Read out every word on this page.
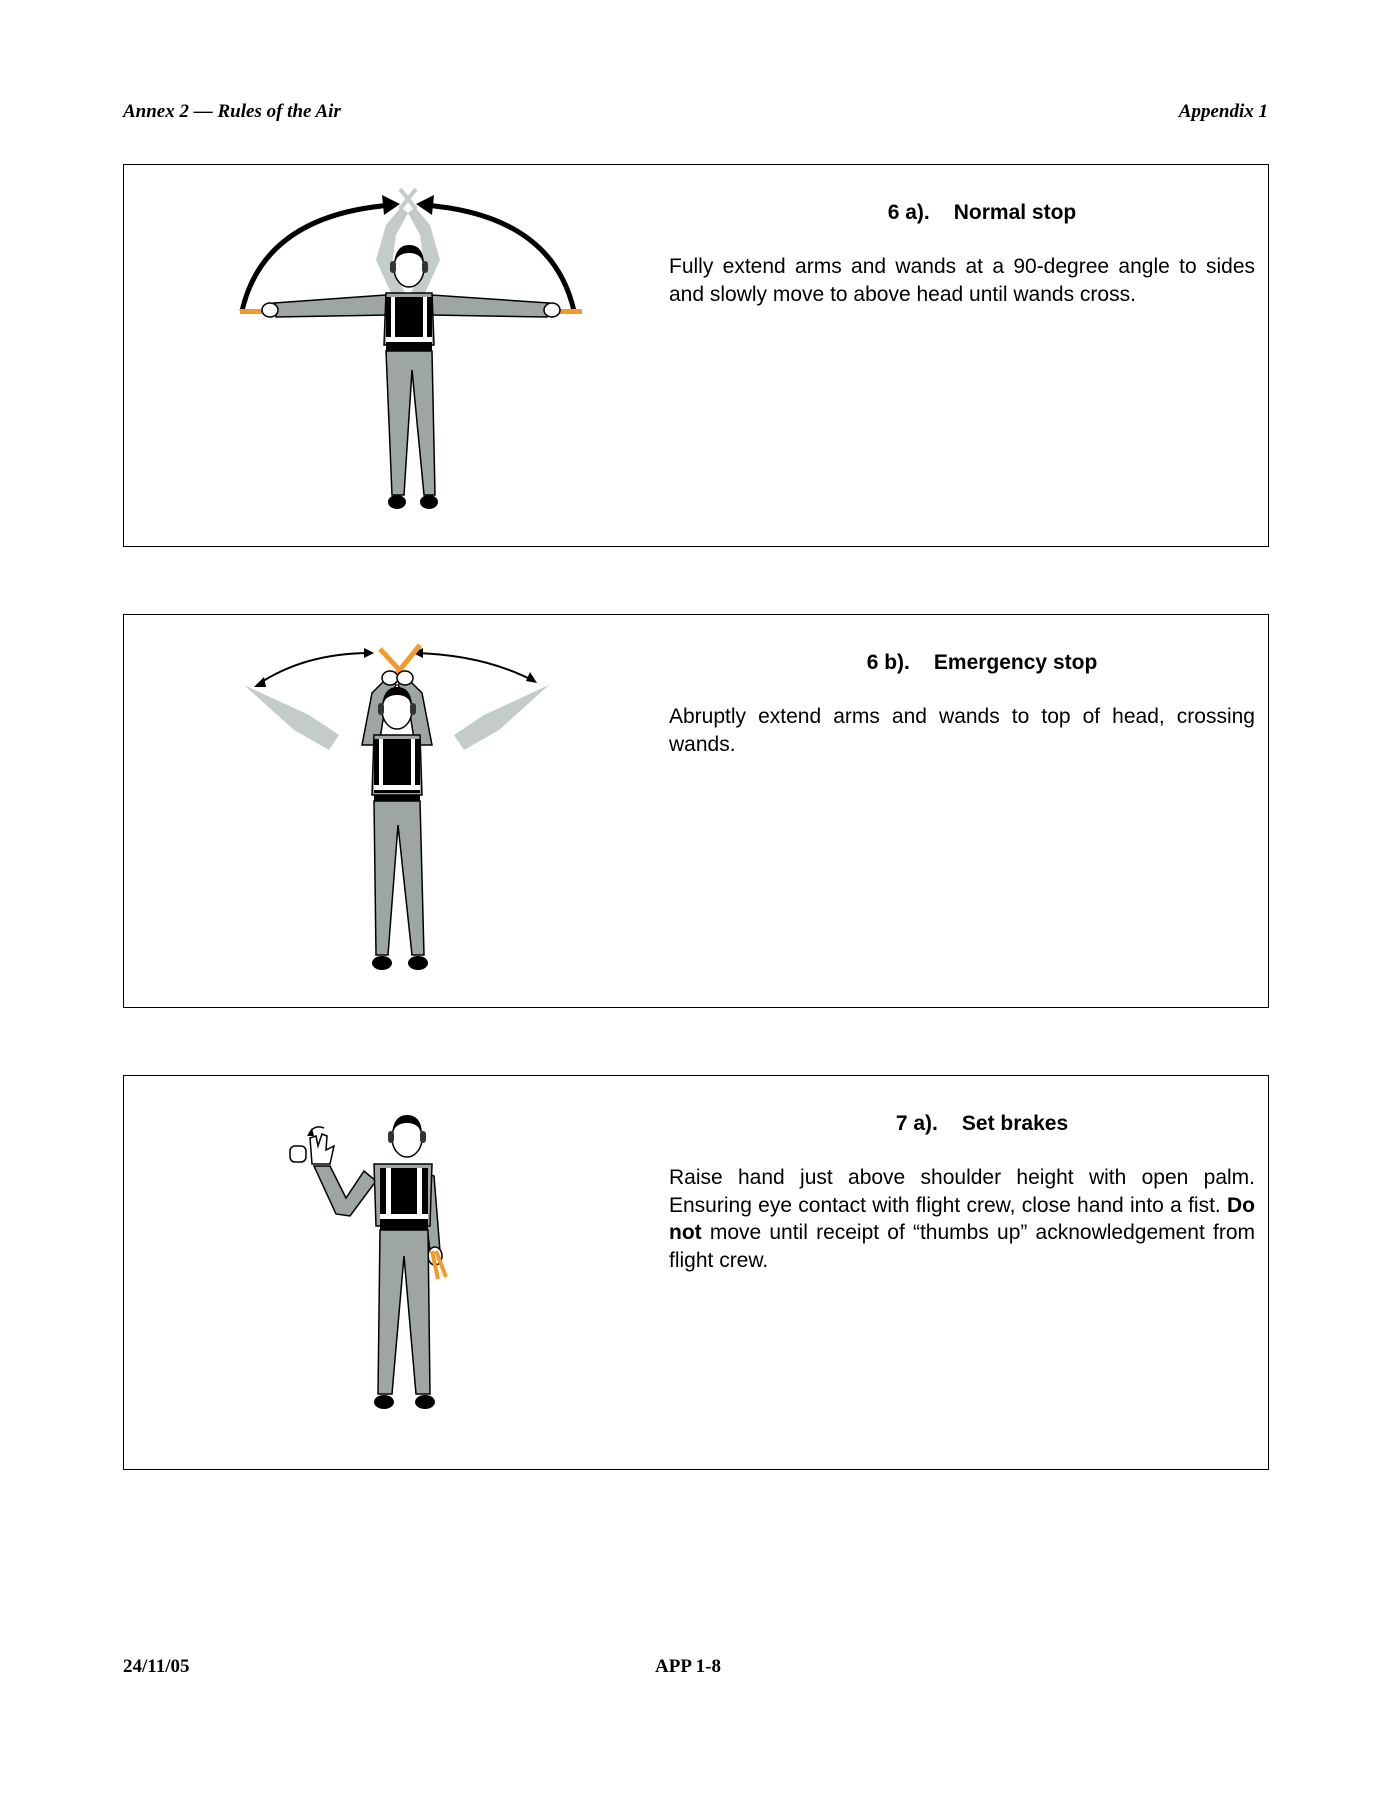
Annex 2 — Rules of the Air	Appendix 1
6 a). Normal stop
Fully extend arms and wands at a 90-degree angle to sides and slowly move to above head until wands cross.
6 b). Emergency stop
Abruptly extend arms and wands to top of head, crossing wands.
7 a). Set brakes
Raise hand just above shoulder height with open palm. Ensuring eye contact with flight crew, close hand into a fist. Do not move until receipt of “thumbs up” acknowledgement from flight crew.
24/11/05	APP 1-8
